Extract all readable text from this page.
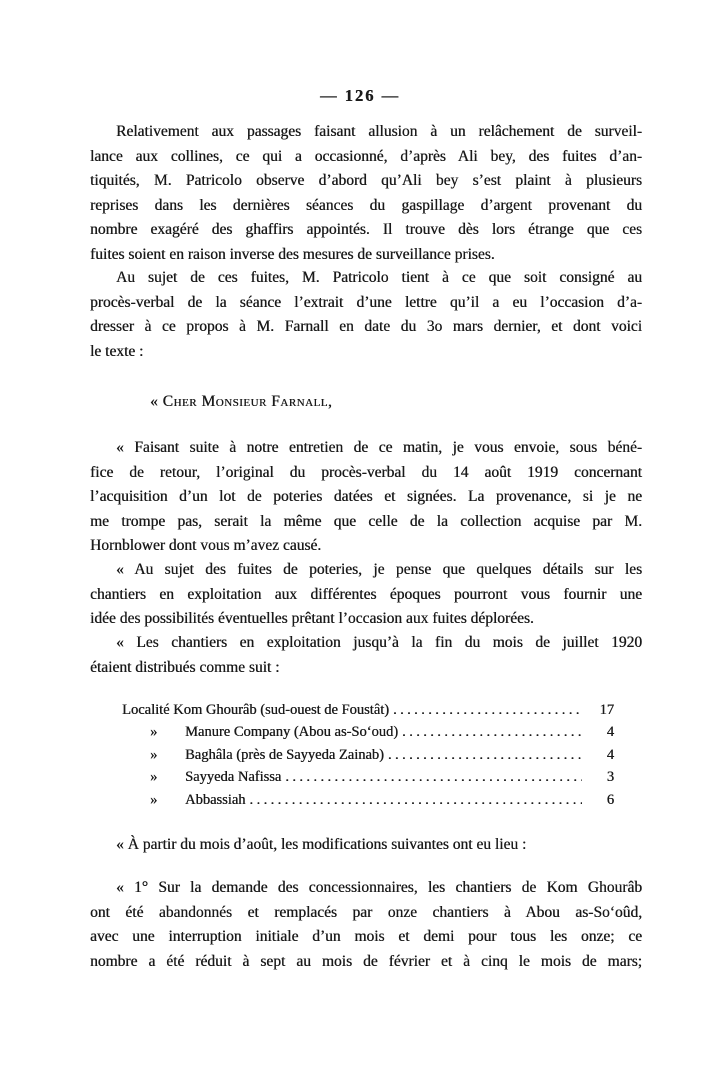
— 126 —
Relativement aux passages faisant allusion à un relâchement de surveil-
lance aux collines, ce qui a occasionné, d’après Ali bey, des fuites d’an-
tiquités, M. Patricolo observe d’abord qu’Ali bey s’est plaint à plusieurs
reprises dans les dernières séances du gaspillage d’argent provenant du
nombre exagéré des ghaffirs appointés. Il trouve dès lors étrange que ces
fuites soient en raison inverse des mesures de surveillance prises.
Au sujet de ces fuites, M. Patricolo tient à ce que soit consigné au
procès-verbal de la séance l’extrait d’une lettre qu’il a eu l’occasion d’a-
dresser à ce propos à M. Farnall en date du 3o mars dernier, et dont voici
le texte :
« Cher Monsieur Farnall,
« Faisant suite à notre entretien de ce matin, je vous envoie, sous béné-
fice de retour, l’original du procès-verbal du 14 août 1919 concernant
l’acquisition d’un lot de poteries datées et signées. La provenance, si je ne
me trompe pas, serait la même que celle de la collection acquise par M.
Hornblower dont vous m’avez causé.
« Au sujet des fuites de poteries, je pense que quelques détails sur les
chantiers en exploitation aux différentes époques pourront vous fournir une
idée des possibilités éventuelles prêtant l’occasion aux fuites déplorées.
« Les chantiers en exploitation jusqu’à la fin du mois de juillet 1920
étaient distribués comme suit :
Localité Kom Ghourâb (sud-ouest de Foustât) .....	17
»	Manure Company (Abou as-So‘oud) .....	4
»	Baghâla (près de Sayyeda Zainab) .....	4
»	Sayyeda Nafissa .....	3
»	Abbassiah .....	6
« À partir du mois d’août, les modifications suivantes ont eu lieu :
« 1° Sur la demande des concessionnaires, les chantiers de Kom Ghourâb
ont été abandonnés et remplacés par onze chantiers à Abou as-So‘oûd,
avec une interruption initiale d’un mois et demi pour tous les onze; ce
nombre a été réduit à sept au mois de février et à cinq le mois de mars;
